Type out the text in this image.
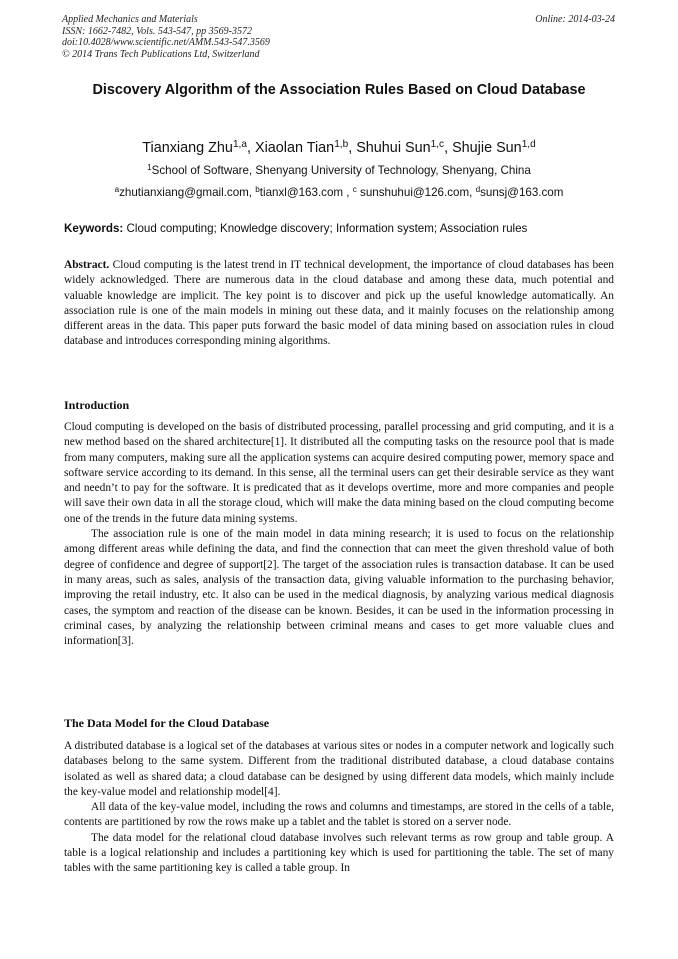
Applied Mechanics and Materials
ISSN: 1662-7482, Vols. 543-547, pp 3569-3572
doi:10.4028/www.scientific.net/AMM.543-547.3569
© 2014 Trans Tech Publications Ltd, Switzerland
Online: 2014-03-24
Discovery Algorithm of the Association Rules Based on Cloud Database
Tianxiang Zhu$^{1,a}$, Xiaolan Tian$^{1,b}$, Shuhui Sun$^{1,c}$, Shujie Sun$^{1,d}$
$^1$School of Software, Shenyang University of Technology, Shenyang, China
$^a$zhutianxiang@gmail.com, $^b$tianxl@163.com , $^c$ sunshuhui@126.com, $^d$sunsj@163.com
Keywords: Cloud computing; Knowledge discovery; Information system; Association rules

Abstract. Cloud computing is the latest trend in IT technical development, the importance of cloud databases has been widely acknowledged. There are numerous data in the cloud database and among these data, much potential and valuable knowledge are implicit. The key point is to discover and pick up the useful knowledge automatically. An association rule is one of the main models in mining out these data, and it mainly focuses on the relationship among different areas in the data. This paper puts forward the basic model of data mining based on association rules in cloud database and introduces corresponding mining algorithms.

Introduction

Cloud computing is developed on the basis of distributed processing, parallel processing and grid computing, and it is a new method based on the shared architecture[1]. It distributed all the computing tasks on the resource pool that is made from many computers, making sure all the application systems can acquire desired computing power, memory space and software service according to its demand. In this sense, all the terminal users can get their desirable service as they want and needn’t to pay for the software. It is predicated that as it develops overtime, more and more companies and people will save their own data in all the storage cloud, which will make the data mining based on the cloud computing become one of the trends in the future data mining systems.

The association rule is one of the main model in data mining research; it is used to focus on the relationship among different areas while defining the data, and find the connection that can meet the given threshold value of both degree of confidence and degree of support[2]. The target of the association rules is transaction database. It can be used in many areas, such as sales, analysis of the transaction data, giving valuable information to the purchasing behavior, improving the retail industry, etc. It also can be used in the medical diagnosis, by analyzing various medical diagnosis cases, the symptom and reaction of the disease can be known. Besides, it can be used in the information processing in criminal cases, by analyzing the relationship between criminal means and cases to get more valuable clues and information[3].

The Data Model for the Cloud Database

A distributed database is a logical set of the databases at various sites or nodes in a computer network and logically such databases belong to the same system. Different from the traditional distributed database, a cloud database contains isolated as well as shared data; a cloud database can be designed by using different data models, which mainly include the key-value model and relationship model[4].

All data of the key-value model, including the rows and columns and timestamps, are stored in the cells of a table, contents are partitioned by row the rows make up a tablet and the tablet is stored on a server node.

The data model for the relational cloud database involves such relevant terms as row group and table group. A table is a logical relationship and includes a partitioning key which is used for partitioning the table. The set of many tables with the same partitioning key is called a table group. In
